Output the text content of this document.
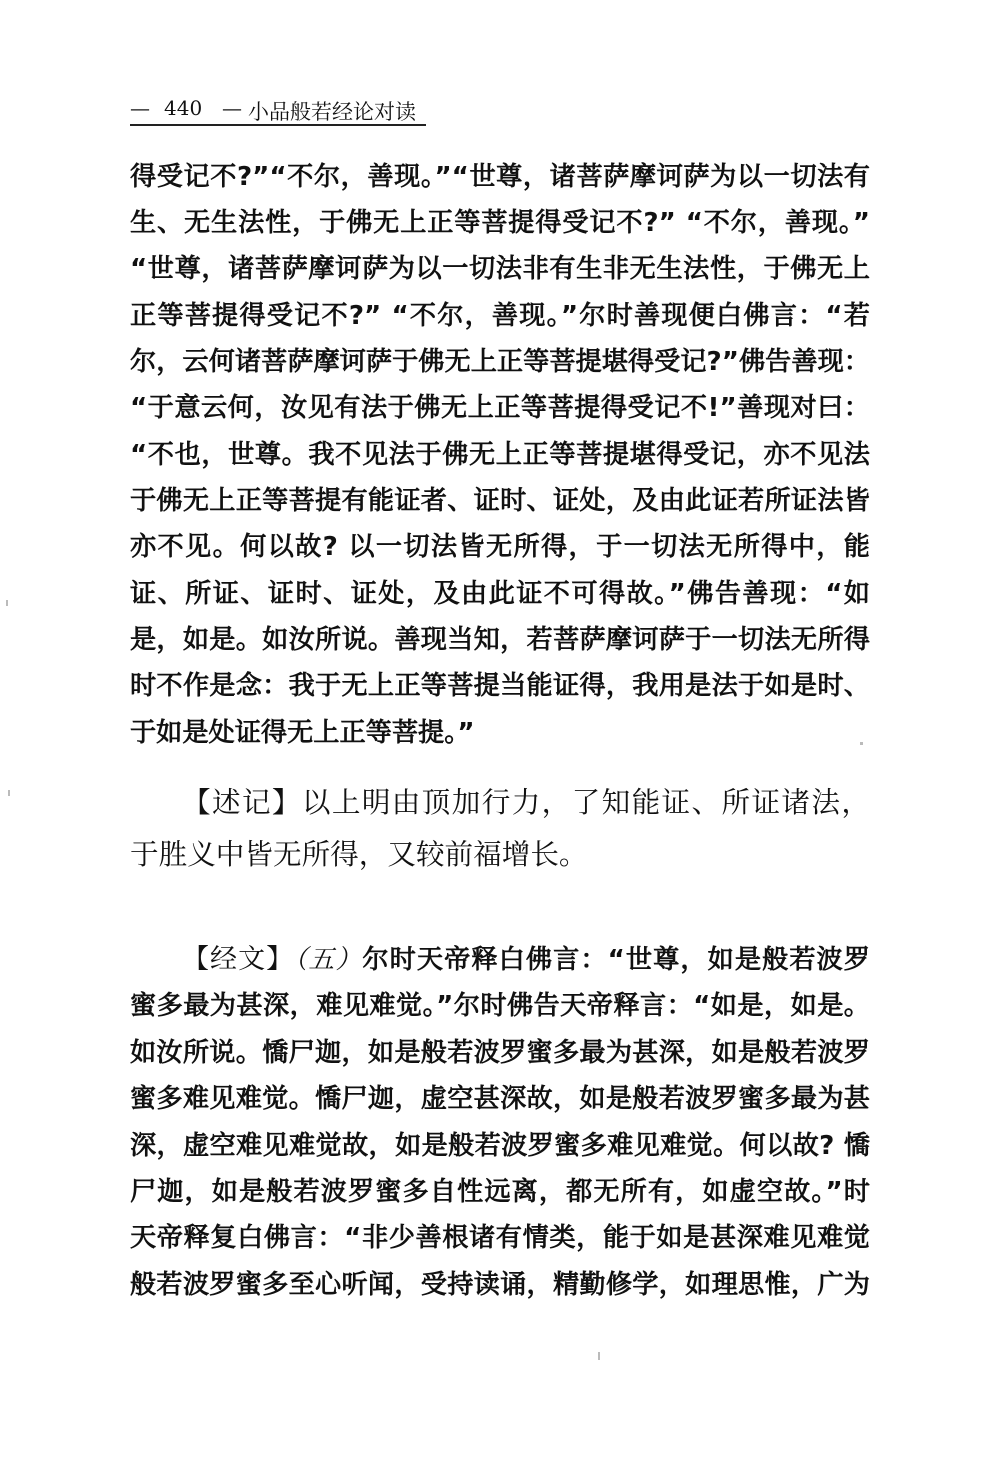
— 440 — 小品般若经论对读
得受记不?”“不尔，善现。”“世尊，诸菩萨摩诃萨为以一切法有
生、无生法性，于佛无上正等菩提得受记不?” “不尔，善现。”
“世尊，诸菩萨摩诃萨为以一切法非有生非无生法性，于佛无上
正等菩提得受记不?” “不尔，善现。”尔时善现便白佛言：“若
尔，云何诸菩萨摩诃萨于佛无上正等菩提堪得受记?”佛告善现：
“于意云何，汝见有法于佛无上正等菩提得受记不!”善现对曰：
“不也，世尊。我不见法于佛无上正等菩提堪得受记，亦不见法
于佛无上正等菩提有能证者、证时、证处，及由此证若所证法皆
亦不见。何以故? 以一切法皆无所得，于一切法无所得中，能
证、所证、证时、证处，及由此证不可得故。”佛告善现：“如
是，如是。如汝所说。善现当知，若菩萨摩诃萨于一切法无所得
时不作是念：我于无上正等菩提当能证得，我用是法于如是时、
于如是处证得无上正等菩提。”
【述记】以上明由顶加行力，了知能证、所证诸法，
于胜义中皆无所得，又较前福增长。
【经文】（五）尔时天帝释白佛言：“世尊，如是般若波罗
蜜多最为甚深，难见难觉。”尔时佛告天帝释言：“如是，如是。
如汝所说。憍尸迦，如是般若波罗蜜多最为甚深，如是般若波罗
蜜多难见难觉。憍尸迦，虚空甚深故，如是般若波罗蜜多最为甚
深，虚空难见难觉故，如是般若波罗蜜多难见难觉。何以故? 憍
尸迦，如是般若波罗蜜多自性远离，都无所有，如虚空故。”时
天帝释复白佛言：“非少善根诸有情类，能于如是甚深难见难觉
般若波罗蜜多至心听闻，受持读诵，精勤修学，如理思惟，广为
